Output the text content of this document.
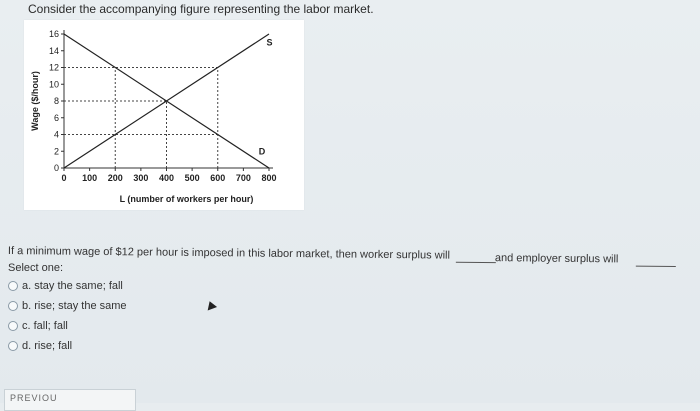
Consider the accompanying figure representing the labor market.
0
2
4
6
8
10
12
14
16
0 100 200 300 400 500 600 700 800
S
D
Wage ($/hour)
L (number of workers per hour)
If a minimum wage of $12 per hour is imposed in this labor market, then worker surplus will	and employer surplus will
Select one:
a. stay the same; fall
b. rise; stay the same
c. fall; fall
d. rise; fall
PREVIOU
